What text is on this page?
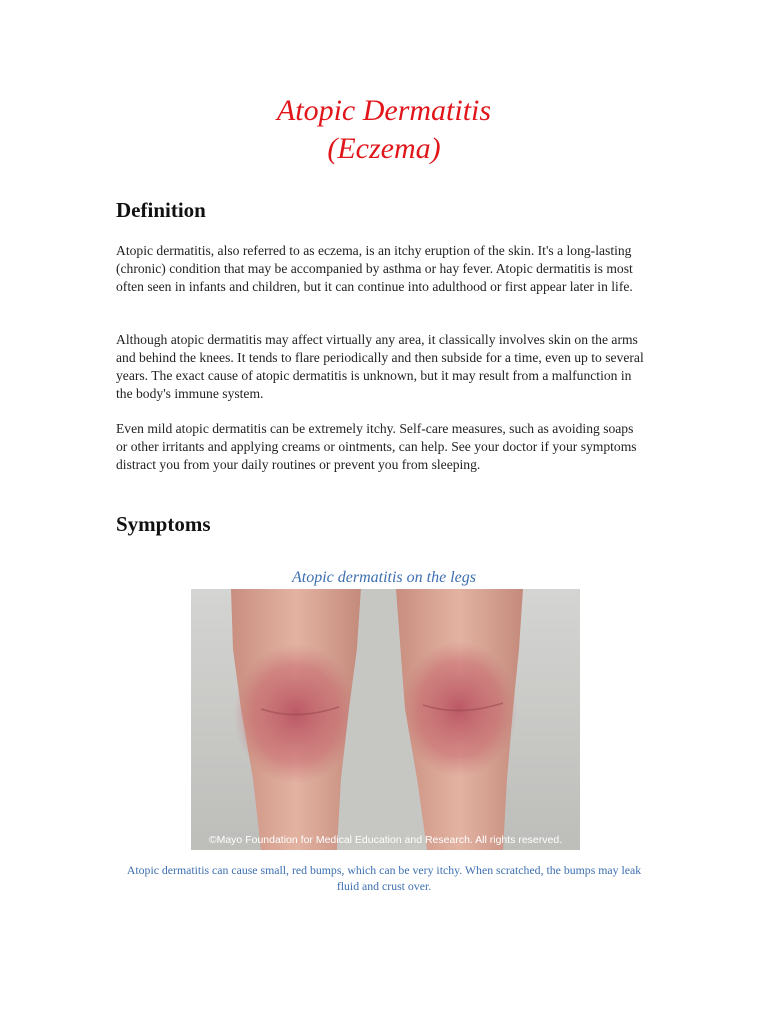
Atopic Dermatitis
(Eczema)
Definition

Atopic dermatitis, also referred to as eczema, is an itchy eruption of the skin. It's a long-lasting (chronic) condition that may be accompanied by asthma or hay fever. Atopic dermatitis is most often seen in infants and children, but it can continue into adulthood or first appear later in life.

Although atopic dermatitis may affect virtually any area, it classically involves skin on the arms and behind the knees. It tends to flare periodically and then subside for a time, even up to several years. The exact cause of atopic dermatitis is unknown, but it may result from a malfunction in the body's immune system.

Even mild atopic dermatitis can be extremely itchy. Self-care measures, such as avoiding soaps or other irritants and applying creams or ointments, can help. See your doctor if your symptoms distract you from your daily routines or prevent you from sleeping.

Symptoms

Atopic dermatitis on the legs

©Mayo Foundation for Medical Education and Research. All rights reserved.

Atopic dermatitis can cause small, red bumps, which can be very itchy. When scratched, the bumps may leak fluid and crust over.
